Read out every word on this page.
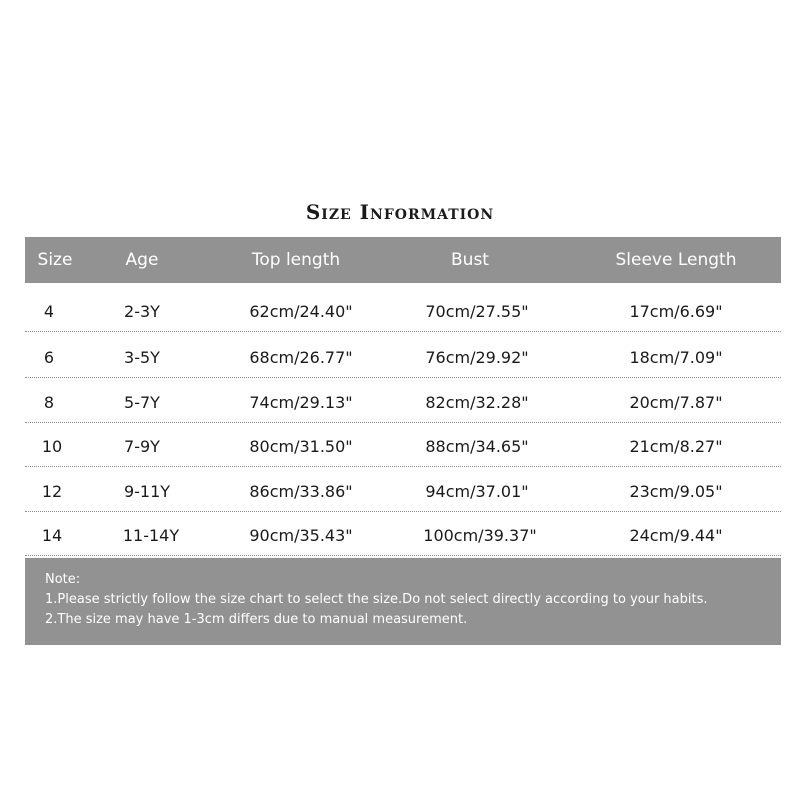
Size Information
Size	Age	Top length	Bust	Sleeve Length
4	2-3Y	62cm/24.40"	70cm/27.55"	17cm/6.69"
6	3-5Y	68cm/26.77"	76cm/29.92"	18cm/7.09"
8	5-7Y	74cm/29.13"	82cm/32.28"	20cm/7.87"
10	7-9Y	80cm/31.50"	88cm/34.65"	21cm/8.27"
12	9-11Y	86cm/33.86"	94cm/37.01"	23cm/9.05"
14	11-14Y	90cm/35.43"	100cm/39.37"	24cm/9.44"
Note:
1.Please strictly follow the size chart to select the size.Do not select directly according to your habits.
2.The size may have 1-3cm differs due to manual measurement.
